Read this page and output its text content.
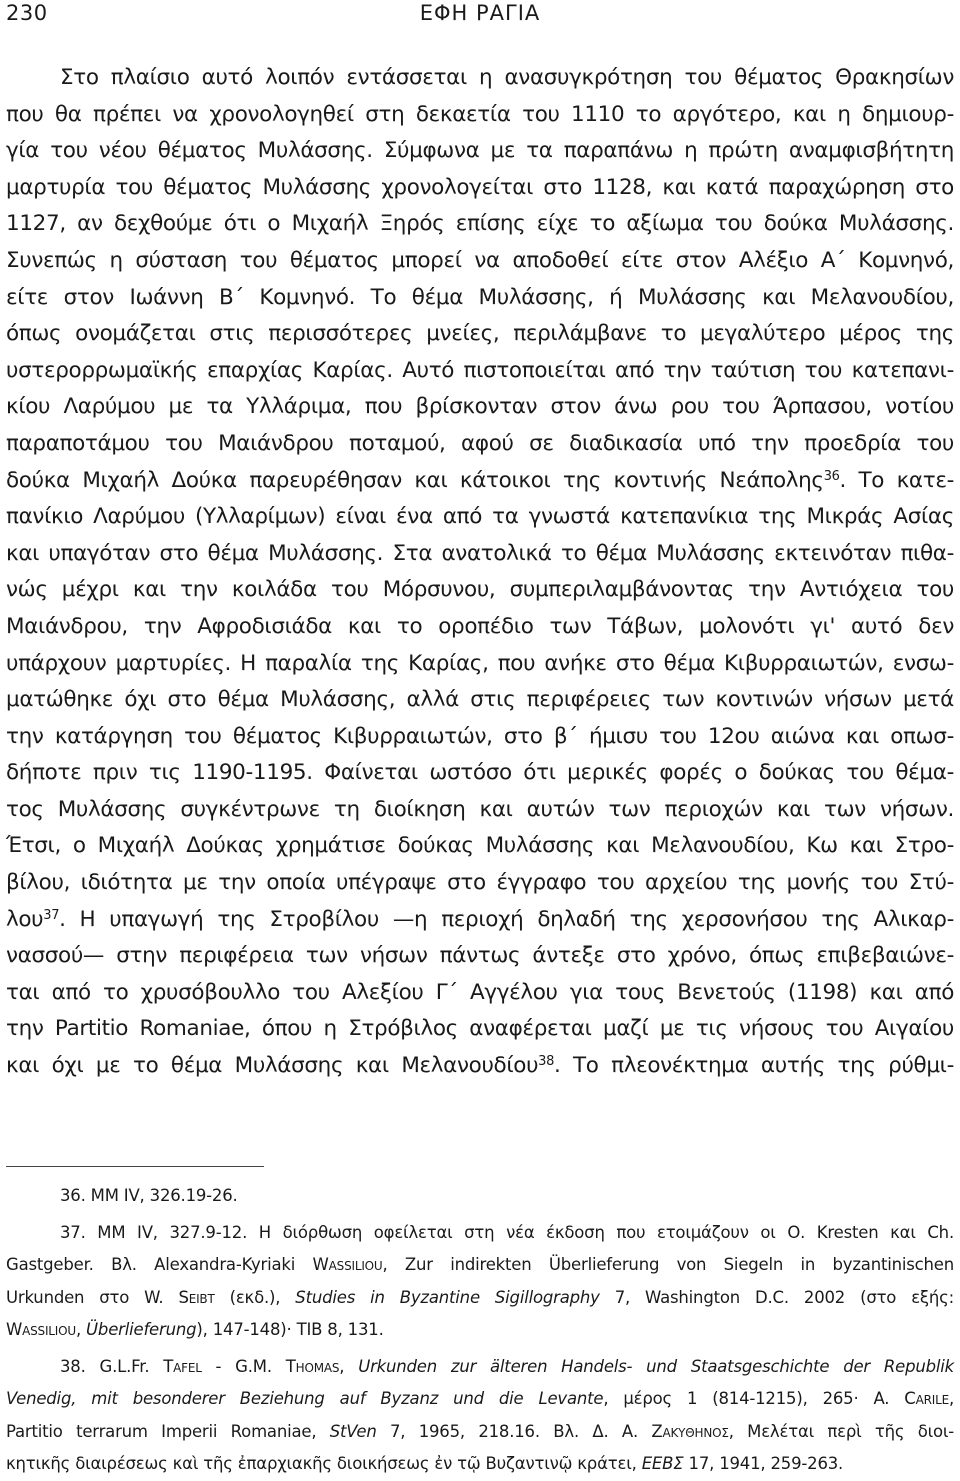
230	ΕΦΗ ΡΑΓΙΑ
Στο πλαίσιο αυτό λοιπόν εντάσσεται η ανασυγκρότηση του θέματος Θρακησίων
που θα πρέπει να χρονολογηθεί στη δεκαετία του 1110 το αργότερο, και η δημιουρ-
γία του νέου θέματος Μυλάσσης. Σύμφωνα με τα παραπάνω η πρώτη αναμφισβήτητη
μαρτυρία του θέματος Μυλάσσης χρονολογείται στο 1128, και κατά παραχώρηση στο
1127, αν δεχθούμε ότι ο Μιχαήλ Ξηρός επίσης είχε το αξίωμα του δούκα Μυλάσσης.
Συνεπώς η σύσταση του θέματος μπορεί να αποδοθεί είτε στον Αλέξιο Α΄ Κομνηνό,
είτε στον Ιωάννη Β΄ Κομνηνό. Το θέμα Μυλάσσης, ή Μυλάσσης και Μελανουδίου,
όπως ονομάζεται στις περισσότερες μνείες, περιλάμβανε το μεγαλύτερο μέρος της
υστερορρωμαϊκής επαρχίας Καρίας. Αυτό πιστοποιείται από την ταύτιση του κατεπανι-
κίου Λαρύμου με τα Υλλάριμα, που βρίσκονταν στον άνω ρου του Άρπασου, νοτίου
παραποτάμου του Μαιάνδρου ποταμού, αφού σε διαδικασία υπό την προεδρία του
δούκα Μιχαήλ Δούκα παρευρέθησαν και κάτοικοι της κοντινής Νεάπολης$^{36}$. Το κατε-
πανίκιο Λαρύμου (Υλλαρίμων) είναι ένα από τα γνωστά κατεπανίκια της Μικράς Ασίας
και υπαγόταν στο θέμα Μυλάσσης. Στα ανατολικά το θέμα Μυλάσσης εκτεινόταν πιθα-
νώς μέχρι και την κοιλάδα του Μόρσυνου, συμπεριλαμβάνοντας την Αντιόχεια του
Μαιάνδρου, την Αφροδισιάδα και το οροπέδιο των Τάβων, μολονότι γι' αυτό δεν
υπάρχουν μαρτυρίες. Η παραλία της Καρίας, που ανήκε στο θέμα Κιβυρραιωτών, ενσω-
ματώθηκε όχι στο θέμα Μυλάσσης, αλλά στις περιφέρειες των κοντινών νήσων μετά
την κατάργηση του θέματος Κιβυρραιωτών, στο β΄ ήμισυ του 12ου αιώνα και οπωσ-
δήποτε πριν τις 1190-1195. Φαίνεται ωστόσο ότι μερικές φορές ο δούκας του θέμα-
τος Μυλάσσης συγκέντρωνε τη διοίκηση και αυτών των περιοχών και των νήσων.
Έτσι, ο Μιχαήλ Δούκας χρημάτισε δούκας Μυλάσσης και Μελανουδίου, Κω και Στρο-
βίλου, ιδιότητα με την οποία υπέγραψε στο έγγραφο του αρχείου της μονής του Στύ-
λου$^{37}$. Η υπαγωγή της Στροβίλου —η περιοχή δηλαδή της χερσονήσου της Αλικαρ-
νασσού— στην περιφέρεια των νήσων πάντως άντεξε στο χρόνο, όπως επιβεβαιώνε-
ται από το χρυσόβουλλο του Αλεξίου Γ΄ Αγγέλου για τους Βενετούς (1198) και από
την Partitio Romaniae, όπου η Στρόβιλος αναφέρεται μαζί με τις νήσους του Αιγαίου
και όχι με το θέμα Μυλάσσης και Μελανουδίου$^{38}$. Το πλεονέκτημα αυτής της ρύθμι-
36. MM IV, 326.19-26.
37. MM IV, 327.9-12. Η διόρθωση οφείλεται στη νέα έκδοση που ετοιμάζουν οι Ο. Kresten και Ch.
Gastgeber. Βλ. Alexandra-Kyriaki Wassiliou, Zur indirekten Überlieferung von Siegeln in byzantinischen
Urkunden στο W. Seibt (εκδ.), Studies in Byzantine Sigillography 7, Washington D.C. 2002 (στο εξής:
Wassiliou, Überlieferung), 147-148)· TIB 8, 131.
38. G.L.Fr. Tafel - G.M. Thomas, Urkunden zur älteren Handels- und Staatsgeschichte der Republik
Venedig, mit besonderer Beziehung auf Byzanz und die Levante, μέρος 1 (814-1215), 265· A. Carile,
Partitio terrarum Imperii Romaniae, StVen 7, 1965, 218.16. Βλ. Δ. Α. Ζακυθηνος, Μελέται περὶ τῆς διοι-
κητικῆς διαιρέσεως καὶ τῆς ἐπαρχιακῆς διοικήσεως ἐν τῷ Βυζαντινῷ κράτει, ΕΕΒΣ 17, 1941, 259-263.
